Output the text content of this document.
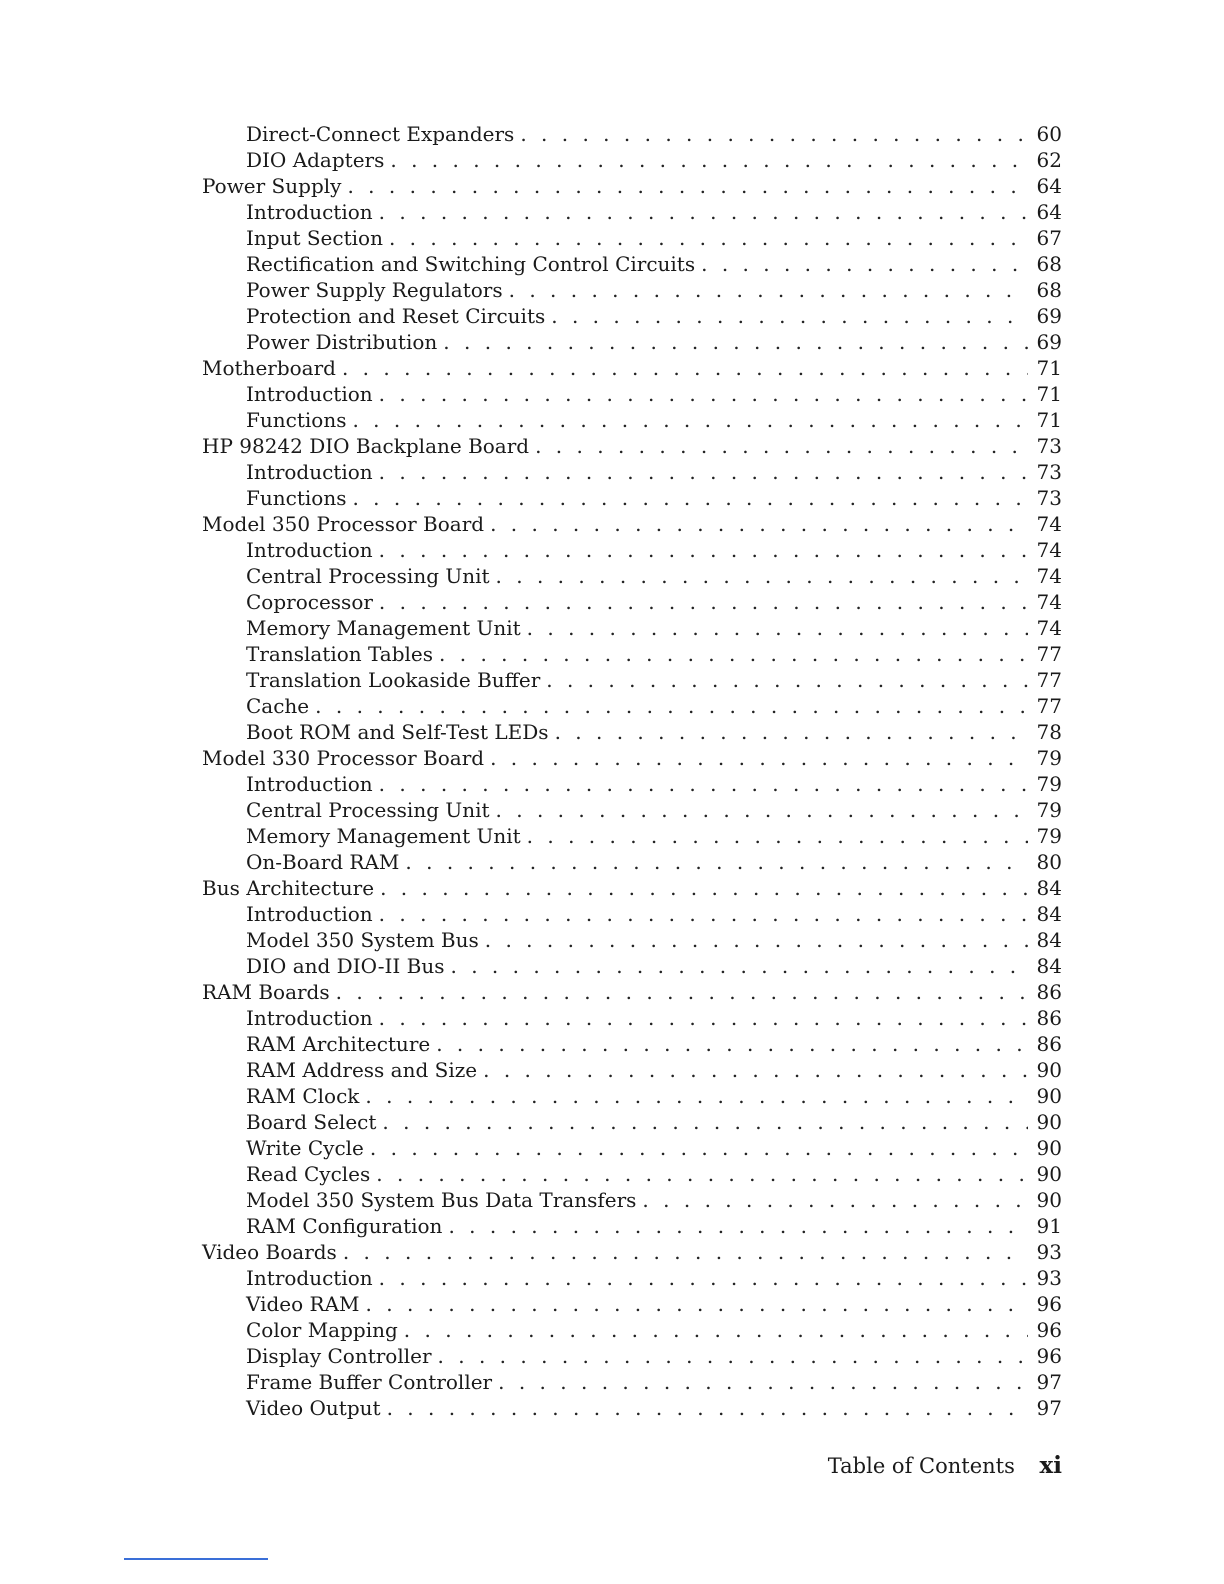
Direct-Connect Expanders . . .	60
DIO Adapters . . .	62
Power Supply . . .	64
Introduction . . .	64
Input Section . . .	67
Rectification and Switching Control Circuits . . .	68
Power Supply Regulators . . .	68
Protection and Reset Circuits . . .	69
Power Distribution . . .	69
Motherboard . . .	71
Introduction . . .	71
Functions . . .	71
HP 98242 DIO Backplane Board . . .	73
Introduction . . .	73
Functions . . .	73
Model 350 Processor Board . . .	74
Introduction . . .	74
Central Processing Unit . . .	74
Coprocessor . . .	74
Memory Management Unit . . .	74
Translation Tables . . .	77
Translation Lookaside Buffer . . .	77
Cache . . .	77
Boot ROM and Self-Test LEDs . . .	78
Model 330 Processor Board . . .	79
Introduction . . .	79
Central Processing Unit . . .	79
Memory Management Unit . . .	79
On-Board RAM . . .	80
Bus Architecture . . .	84
Introduction . . .	84
Model 350 System Bus . . .	84
DIO and DIO-II Bus . . .	84
RAM Boards . . .	86
Introduction . . .	86
RAM Architecture . . .	86
RAM Address and Size . . .	90
RAM Clock . . .	90
Board Select . . .	90
Write Cycle . . .	90
Read Cycles . . .	90
Model 350 System Bus Data Transfers . . .	90
RAM Configuration . . .	91
Video Boards . . .	93
Introduction . . .	93
Video RAM . . .	96
Color Mapping . . .	96
Display Controller . . .	96
Frame Buffer Controller . . .	97
Video Output . . .	97
Table of Contents xi
